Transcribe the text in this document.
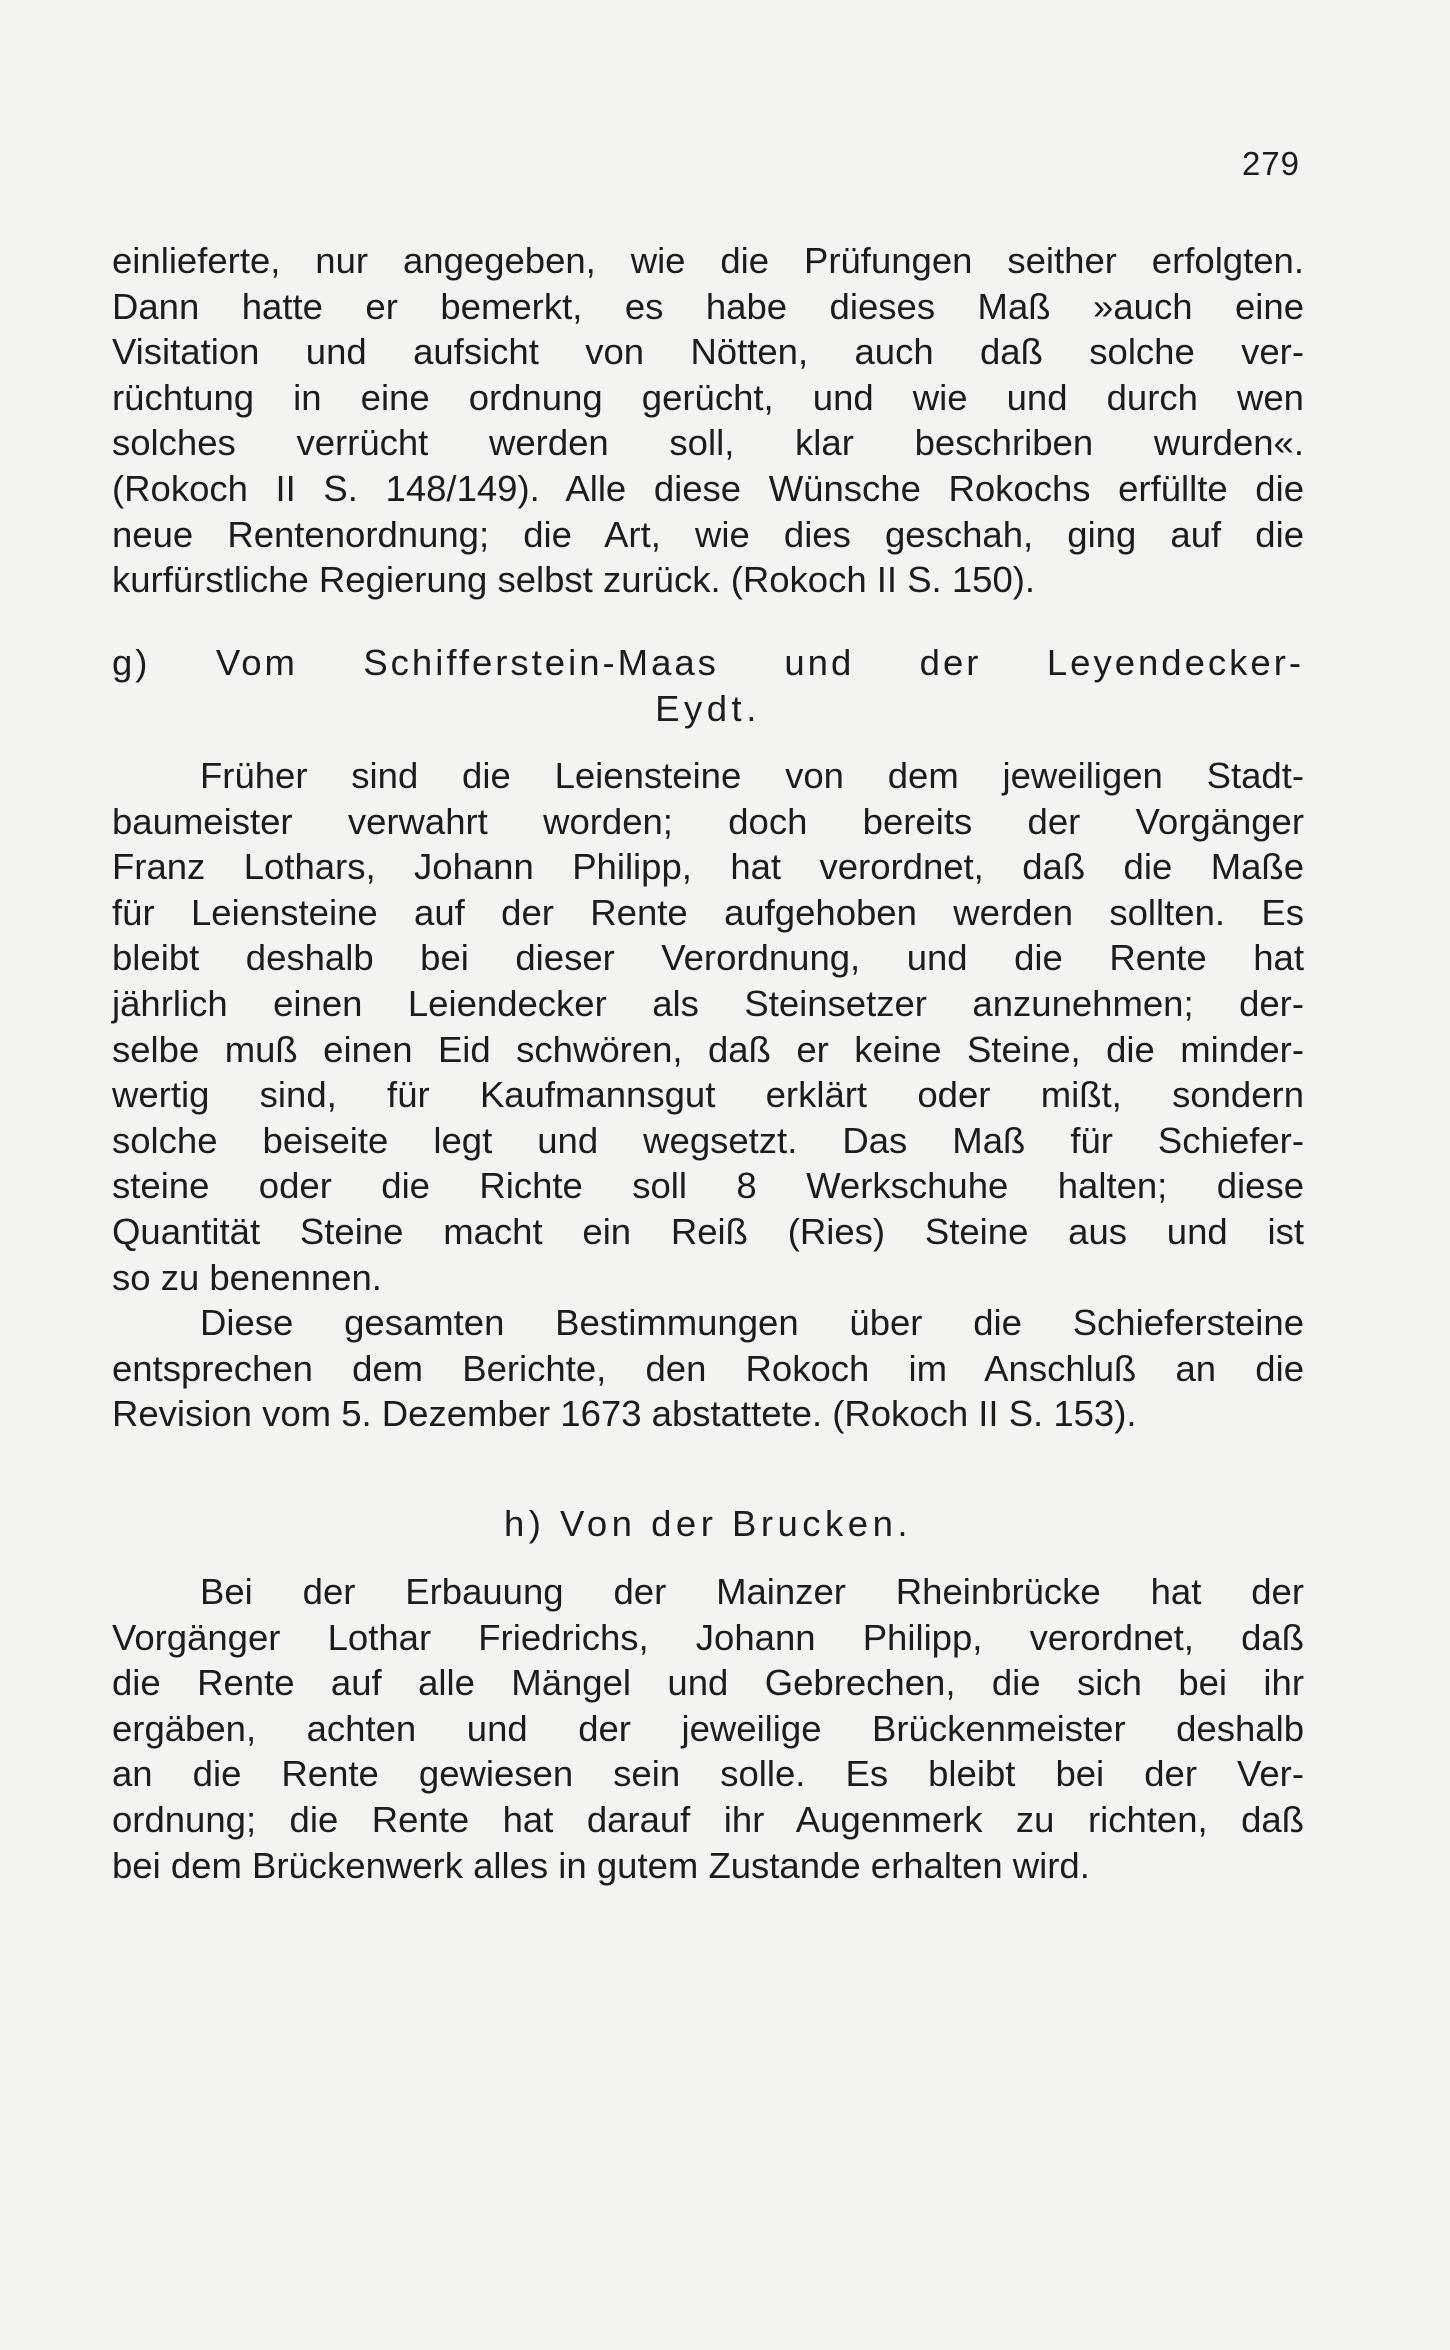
279
einlieferte, nur angegeben, wie die Prüfungen seither erfolgten.
Dann hatte er bemerkt, es habe dieses Maß »auch eine
Visitation und aufsicht von Nötten, auch daß solche ver-
rüchtung in eine ordnung gerücht, und wie und durch wen
solches verrücht werden soll, klar beschriben wurden«.
(Rokoch II S. 148/149). Alle diese Wünsche Rokochs erfüllte die
neue Rentenordnung; die Art, wie dies geschah, ging auf die
kurfürstliche Regierung selbst zurück. (Rokoch II S. 150).
g) Vom Schifferstein-Maas und der Leyendecker-
Eydt.
Früher sind die Leiensteine von dem jeweiligen Stadt-
baumeister verwahrt worden; doch bereits der Vorgänger
Franz Lothars, Johann Philipp, hat verordnet, daß die Maße
für Leiensteine auf der Rente aufgehoben werden sollten. Es
bleibt deshalb bei dieser Verordnung, und die Rente hat
jährlich einen Leiendecker als Steinsetzer anzunehmen; der-
selbe muß einen Eid schwören, daß er keine Steine, die minder-
wertig sind, für Kaufmannsgut erklärt oder mißt, sondern
solche beiseite legt und wegsetzt. Das Maß für Schiefer-
steine oder die Richte soll 8 Werkschuhe halten; diese
Quantität Steine macht ein Reiß (Ries) Steine aus und ist
so zu benennen.
Diese gesamten Bestimmungen über die Schiefersteine
entsprechen dem Berichte, den Rokoch im Anschluß an die
Revision vom 5. Dezember 1673 abstattete. (Rokoch II S. 153).
h) Von der Brucken.
Bei der Erbauung der Mainzer Rheinbrücke hat der
Vorgänger Lothar Friedrichs, Johann Philipp, verordnet, daß
die Rente auf alle Mängel und Gebrechen, die sich bei ihr
ergäben, achten und der jeweilige Brückenmeister deshalb
an die Rente gewiesen sein solle. Es bleibt bei der Ver-
ordnung; die Rente hat darauf ihr Augenmerk zu richten, daß
bei dem Brückenwerk alles in gutem Zustande erhalten wird.
